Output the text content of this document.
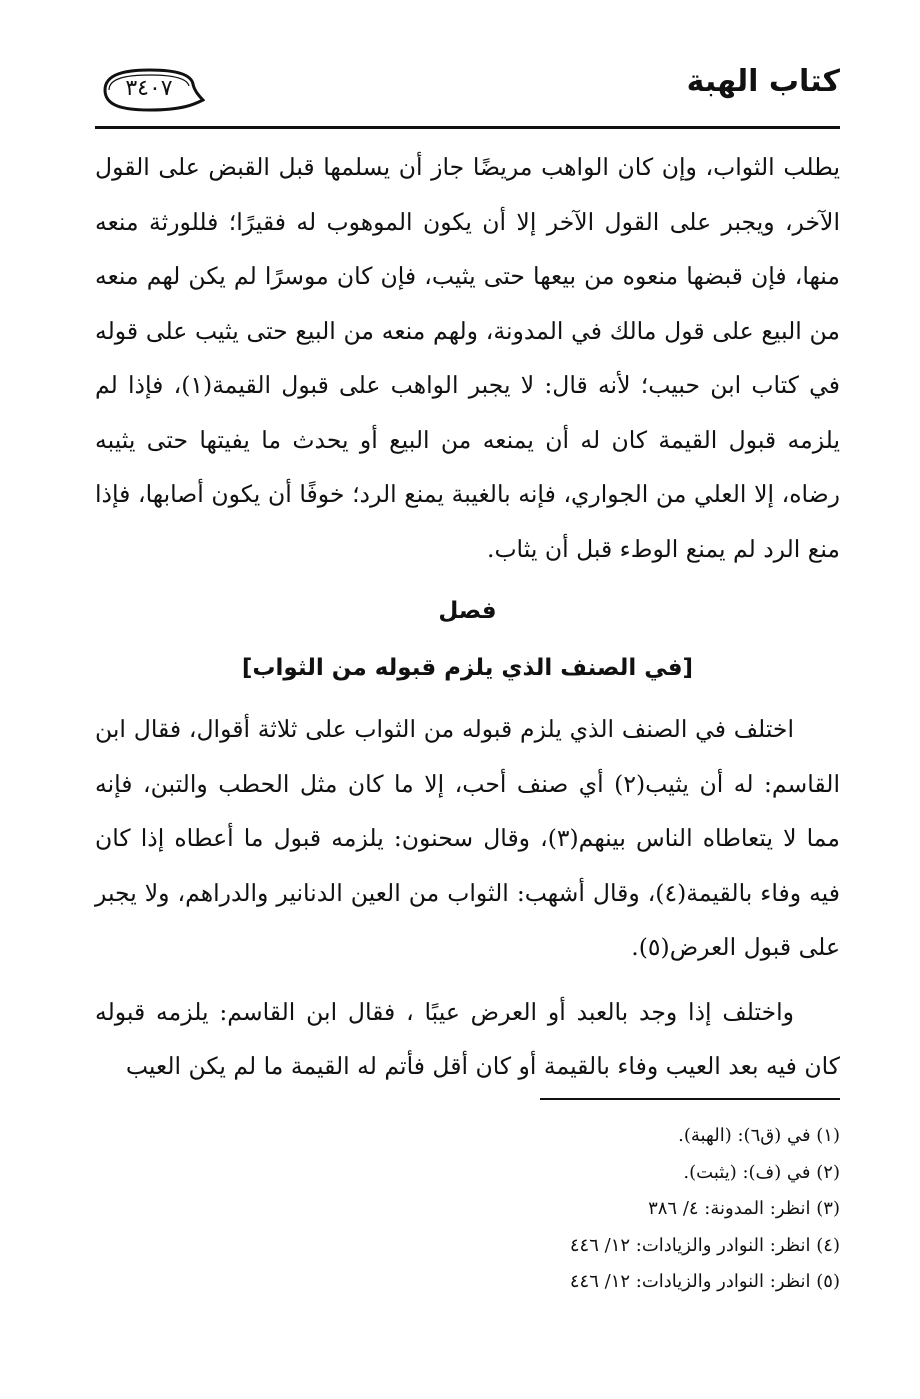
كتاب الهبة
٣٤٠٧

يطلب الثواب، وإن كان الواهب مريضًا جاز أن يسلمها قبل القبض على القول الآخر، ويجبر على القول الآخر إلا أن يكون الموهوب له فقيرًا؛ فللورثة منعه منها، فإن قبضها منعوه من بيعها حتى يثيب، فإن كان موسرًا لم يكن لهم منعه من البيع على قول مالك في المدونة، ولهم منعه من البيع حتى يثيب على قوله في كتاب ابن حبيب؛ لأنه قال: لا يجبر الواهب على قبول القيمة(١)، فإذا لم يلزمه قبول القيمة كان له أن يمنعه من البيع أو يحدث ما يفيتها حتى يثيبه رضاه، إلا العلي من الجواري، فإنه بالغيبة يمنع الرد؛ خوفًا أن يكون أصابها، فإذا منع الرد لم يمنع الوطء قبل أن يثاب.

فصل

[في الصنف الذي يلزم قبوله من الثواب]

اختلف في الصنف الذي يلزم قبوله من الثواب على ثلاثة أقوال، فقال ابن القاسم: له أن يثيب(٢) أي صنف أحب، إلا ما كان مثل الحطب والتبن، فإنه مما لا يتعاطاه الناس بينهم(٣)، وقال سحنون: يلزمه قبول ما أعطاه إذا كان فيه وفاء بالقيمة(٤)، وقال أشهب: الثواب من العين الدنانير والدراهم، ولا يجبر على قبول العرض(٥).

واختلف إذا وجد بالعبد أو العرض عيبًا ، فقال ابن القاسم: يلزمه قبوله كان فيه بعد العيب وفاء بالقيمة أو كان أقل فأتم له القيمة ما لم يكن العيب

(١) في (ق٦): (الهبة).

(٢) في (ف): (يثبت).

(٣) انظر: المدونة: ٤/ ٣٨٦

(٤) انظر: النوادر والزيادات: ١٢/ ٤٤٦

(٥) انظر: النوادر والزيادات: ١٢/ ٤٤٦
